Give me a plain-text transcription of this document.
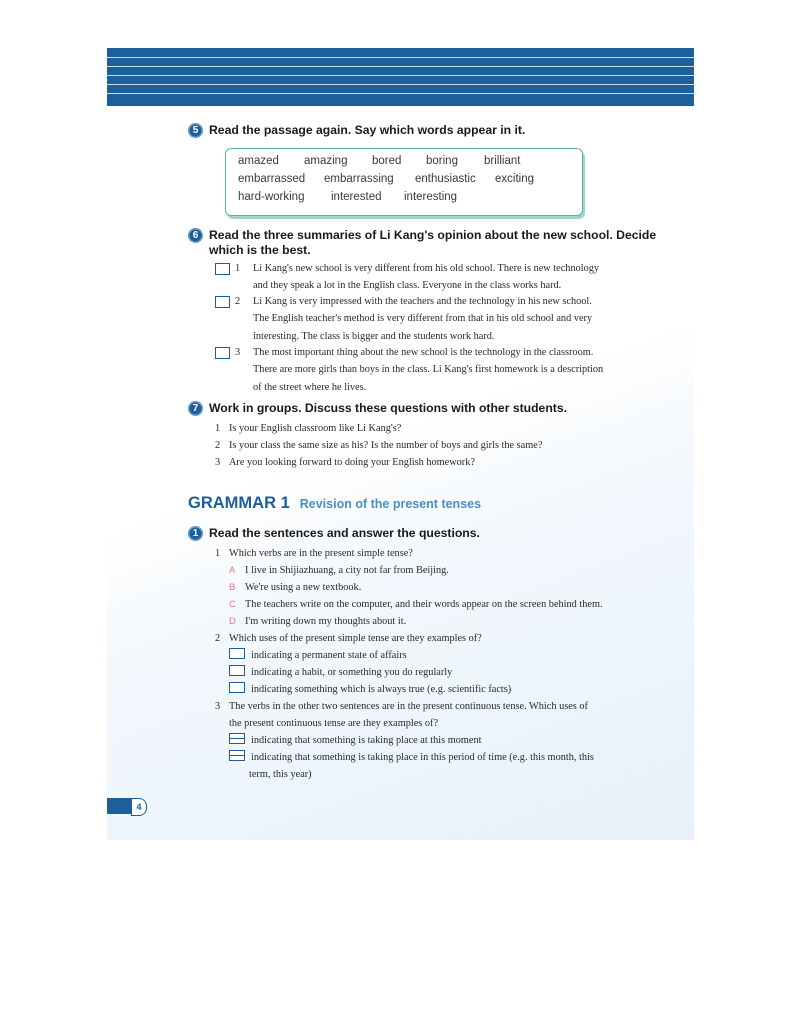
5 Read the passage again. Say which words appear in it.
amazed amazing bored boring brilliant
embarrassed embarrassing enthusiastic exciting
hard-working interested interesting
6 Read the three summaries of Li Kang's opinion about the new school. Decide
which is the best.
1 Li Kang's new school is very different from his old school. There is new technology
and they speak a lot in the English class. Everyone in the class works hard.
2 Li Kang is very impressed with the teachers and the technology in his new school.
The English teacher's method is very different from that in his old school and very
interesting. The class is bigger and the students work hard.
3 The most important thing about the new school is the technology in the classroom.
There are more girls than boys in the class. Li Kang's first homework is a description
of the street where he lives.
7 Work in groups. Discuss these questions with other students.
1 Is your English classroom like Li Kang's?
2 Is your class the same size as his? Is the number of boys and girls the same?
3 Are you looking forward to doing your English homework?
GRAMMAR 1 Revision of the present tenses
1 Read the sentences and answer the questions.
1 Which verbs are in the present simple tense?
A I live in Shijiazhuang, a city not far from Beijing.
B We're using a new textbook.
C The teachers write on the computer, and their words appear on the screen behind them.
D I'm writing down my thoughts about it.
2 Which uses of the present simple tense are they examples of?
indicating a permanent state of affairs
indicating a habit, or something you do regularly
indicating something which is always true (e.g. scientific facts)
3 The verbs in the other two sentences are in the present continuous tense. Which uses of
the present continuous tense are they examples of?
indicating that something is taking place at this moment
indicating that something is taking place in this period of time (e.g. this month, this
term, this year)
4
